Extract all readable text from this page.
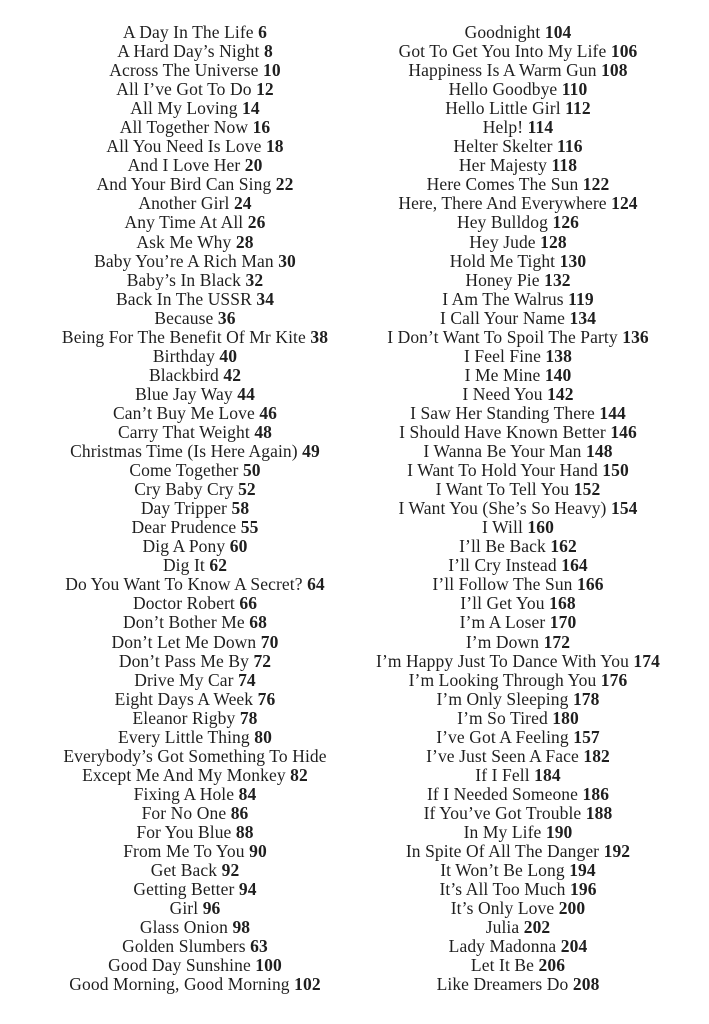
A Day In The Life 6
A Hard Day’s Night 8
Across The Universe 10
All I’ve Got To Do 12
All My Loving 14
All Together Now 16
All You Need Is Love 18
And I Love Her 20
And Your Bird Can Sing 22
Another Girl 24
Any Time At All 26
Ask Me Why 28
Baby You’re A Rich Man 30
Baby’s In Black 32
Back In The USSR 34
Because 36
Being For The Benefit Of Mr Kite 38
Birthday 40
Blackbird 42
Blue Jay Way 44
Can’t Buy Me Love 46
Carry That Weight 48
Christmas Time (Is Here Again) 49
Come Together 50
Cry Baby Cry 52
Day Tripper 58
Dear Prudence 55
Dig A Pony 60
Dig It 62
Do You Want To Know A Secret? 64
Doctor Robert 66
Don’t Bother Me 68
Don’t Let Me Down 70
Don’t Pass Me By 72
Drive My Car 74
Eight Days A Week 76
Eleanor Rigby 78
Every Little Thing 80
Everybody’s Got Something To Hide
Except Me And My Monkey 82
Fixing A Hole 84
For No One 86
For You Blue 88
From Me To You 90
Get Back 92
Getting Better 94
Girl 96
Glass Onion 98
Golden Slumbers 63
Good Day Sunshine 100
Good Morning, Good Morning 102
Goodnight 104
Got To Get You Into My Life 106
Happiness Is A Warm Gun 108
Hello Goodbye 110
Hello Little Girl 112
Help! 114
Helter Skelter 116
Her Majesty 118
Here Comes The Sun 122
Here, There And Everywhere 124
Hey Bulldog 126
Hey Jude 128
Hold Me Tight 130
Honey Pie 132
I Am The Walrus 119
I Call Your Name 134
I Don’t Want To Spoil The Party 136
I Feel Fine 138
I Me Mine 140
I Need You 142
I Saw Her Standing There 144
I Should Have Known Better 146
I Wanna Be Your Man 148
I Want To Hold Your Hand 150
I Want To Tell You 152
I Want You (She’s So Heavy) 154
I Will 160
I’ll Be Back 162
I’ll Cry Instead 164
I’ll Follow The Sun 166
I’ll Get You 168
I’m A Loser 170
I’m Down 172
I’m Happy Just To Dance With You 174
I’m Looking Through You 176
I’m Only Sleeping 178
I’m So Tired 180
I’ve Got A Feeling 157
I’ve Just Seen A Face 182
If I Fell 184
If I Needed Someone 186
If You’ve Got Trouble 188
In My Life 190
In Spite Of All The Danger 192
It Won’t Be Long 194
It’s All Too Much 196
It’s Only Love 200
Julia 202
Lady Madonna 204
Let It Be 206
Like Dreamers Do 208
